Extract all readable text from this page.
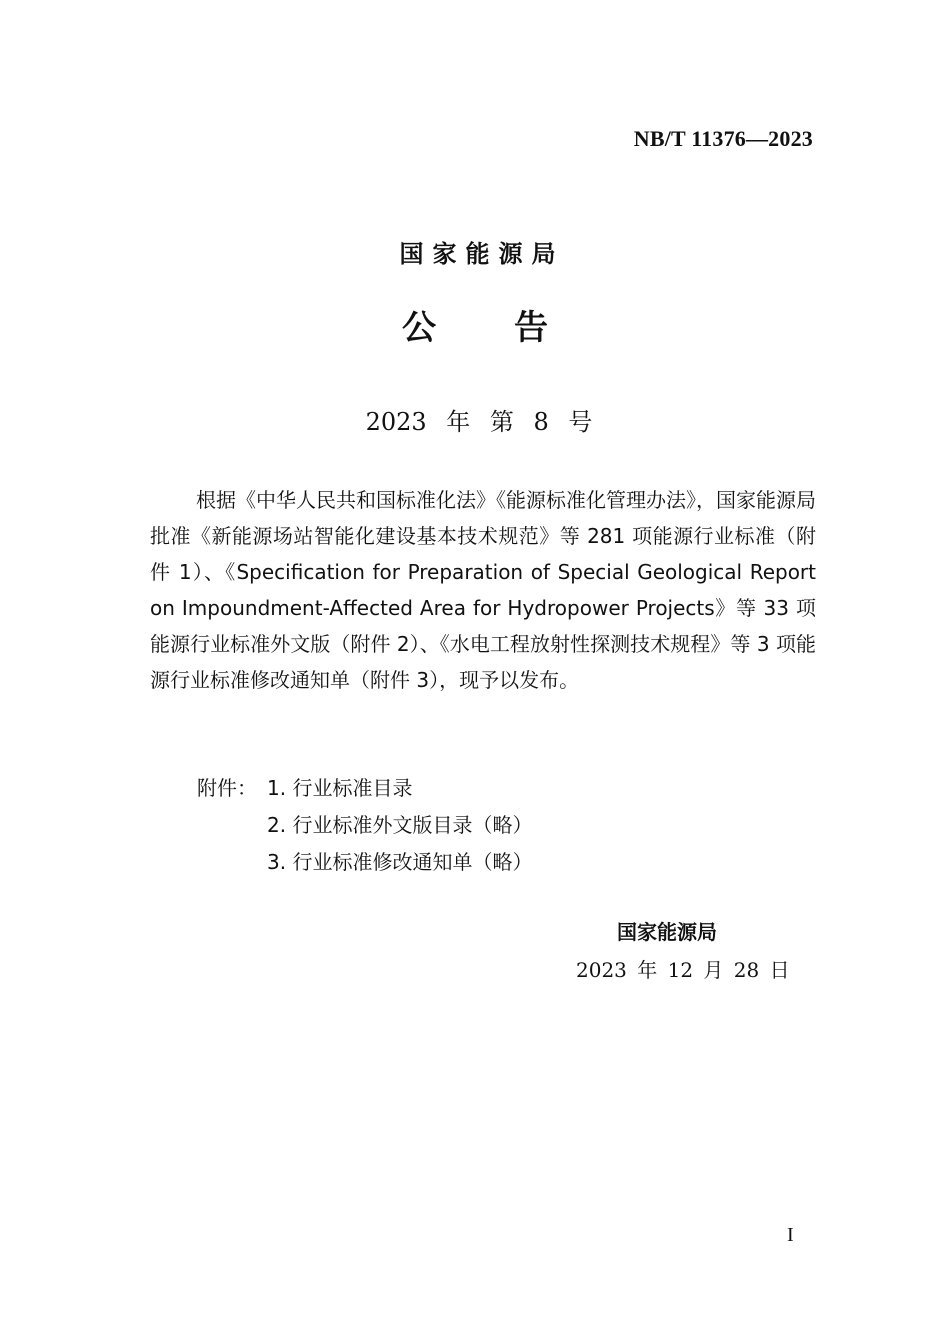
NB/T 11376—2023
国家能源局
公告
2023 年 第 8 号
根据《中华人民共和国标准化法》《能源标准化管理办法》，国家能源局批准《新能源场站智能化建设基本技术规范》等 281 项能源行业标准（附件 1）、《Specification for Preparation of Special Geological Report on Impoundment-Affected Area for Hydropower Projects》等 33 项能源行业标准外文版（附件 2）、《水电工程放射性探测技术规程》等 3 项能源行业标准修改通知单（附件 3），现予以发布。
附件： 1. 行业标准目录
2. 行业标准外文版目录（略）
3. 行业标准修改通知单（略）
国家能源局
2023 年 12 月 28 日
I
